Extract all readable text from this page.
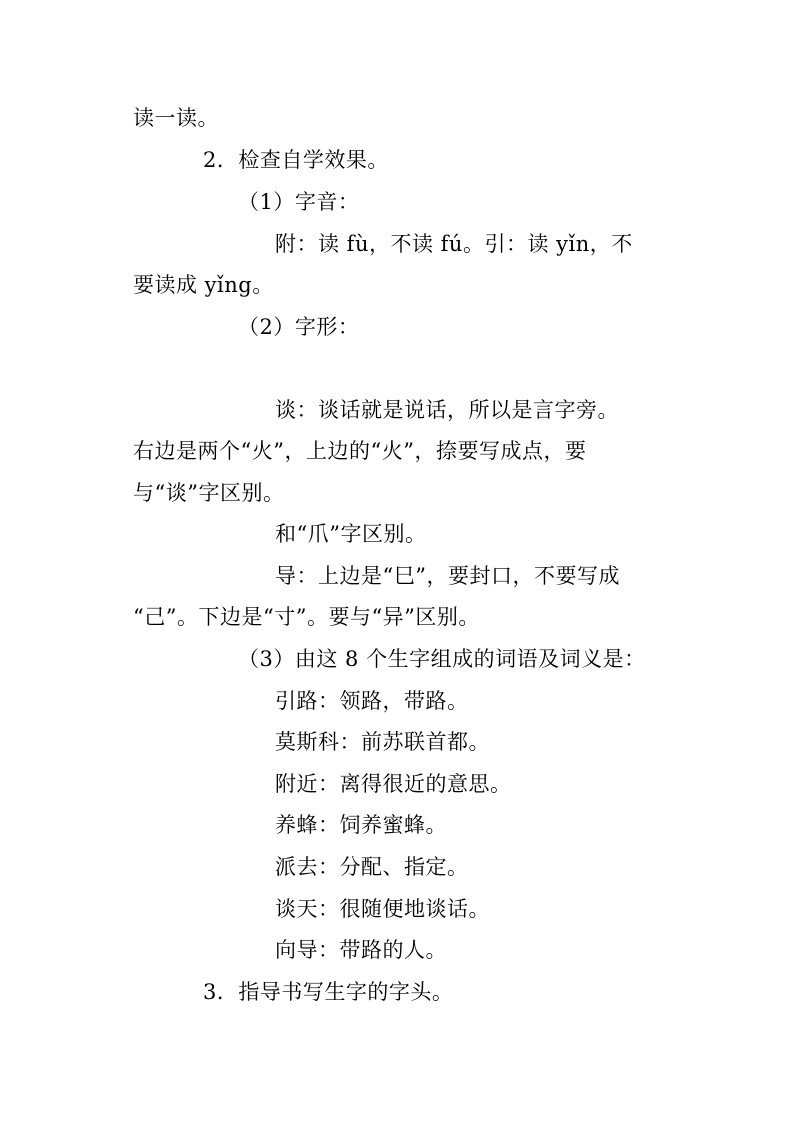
读一读。
2．检查自学效果。
（1）字音：
附：读 fù，不读 fú。引：读 yǐn，不
要读成 yǐng。
（2）字形：
谈：谈话就是说话，所以是言字旁。
右边是两个“火”，上边的“火”，捺要写成点，要
与“谈”字区别。
和“爪”字区别。
导：上边是“巳”，要封口，不要写成
“己”。下边是“寸”。要与“异”区别。
（3）由这 8 个生字组成的词语及词义是：
引路：领路，带路。
莫斯科：前苏联首都。
附近：离得很近的意思。
养蜂：饲养蜜蜂。
派去：分配、指定。
谈天：很随便地谈话。
向导：带路的人。
3．指导书写生字的字头。
